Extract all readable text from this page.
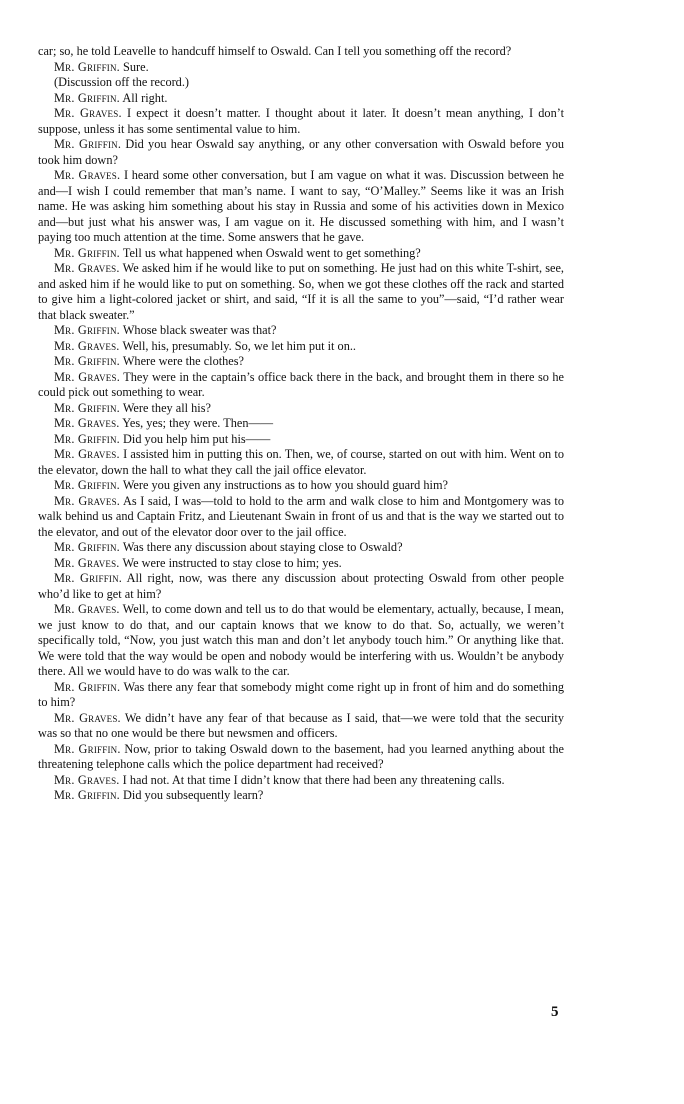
car; so, he told Leavelle to handcuff himself to Oswald. Can I tell you something off the record?

Mr. Griffin. Sure.

(Discussion off the record.)

Mr. Griffin. All right.

Mr. Graves. I expect it doesn’t matter. I thought about it later. It doesn’t mean anything, I don’t suppose, unless it has some sentimental value to him.

Mr. Griffin. Did you hear Oswald say anything, or any other conversation with Oswald before you took him down?

Mr. Graves. I heard some other conversation, but I am vague on what it was. Discussion between he and—I wish I could remember that man’s name. I want to say, “O’Malley.” Seems like it was an Irish name. He was asking him something about his stay in Russia and some of his activities down in Mexico and—but just what his answer was, I am vague on it. He discussed something with him, and I wasn’t paying too much attention at the time. Some answers that he gave.

Mr. Griffin. Tell us what happened when Oswald went to get something?

Mr. Graves. We asked him if he would like to put on something. He just had on this white T-shirt, see, and asked him if he would like to put on something. So, when we got these clothes off the rack and started to give him a light-colored jacket or shirt, and said, “If it is all the same to you”—said, “I’d rather wear that black sweater.”

Mr. Griffin. Whose black sweater was that?

Mr. Graves. Well, his, presumably. So, we let him put it on..

Mr. Griffin. Where were the clothes?

Mr. Graves. They were in the captain’s office back there in the back, and brought them in there so he could pick out something to wear.

Mr. Griffin. Were they all his?

Mr. Graves. Yes, yes; they were. Then——

Mr. Griffin. Did you help him put his——

Mr. Graves. I assisted him in putting this on. Then, we, of course, started on out with him. Went on to the elevator, down the hall to what they call the jail office elevator.

Mr. Griffin. Were you given any instructions as to how you should guard him?

Mr. Graves. As I said, I was—told to hold to the arm and walk close to him and Montgomery was to walk behind us and Captain Fritz, and Lieutenant Swain in front of us and that is the way we started out to the elevator, and out of the elevator door over to the jail office.

Mr. Griffin. Was there any discussion about staying close to Oswald?

Mr. Graves. We were instructed to stay close to him; yes.

Mr. Griffin. All right, now, was there any discussion about protecting Oswald from other people who’d like to get at him?

Mr. Graves. Well, to come down and tell us to do that would be elementary, actually, because, I mean, we just know to do that, and our captain knows that we know to do that. So, actually, we weren’t specifically told, “Now, you just watch this man and don’t let anybody touch him.” Or anything like that. We were told that the way would be open and nobody would be interfering with us. Wouldn’t be anybody there. All we would have to do was walk to the car.

Mr. Griffin. Was there any fear that somebody might come right up in front of him and do something to him?

Mr. Graves. We didn’t have any fear of that because as I said, that—we were told that the security was so that no one would be there but newsmen and officers.

Mr. Griffin. Now, prior to taking Oswald down to the basement, had you learned anything about the threatening telephone calls which the police department had received?

Mr. Graves. I had not. At that time I didn’t know that there had been any threatening calls.

Mr. Griffin. Did you subsequently learn?

5
